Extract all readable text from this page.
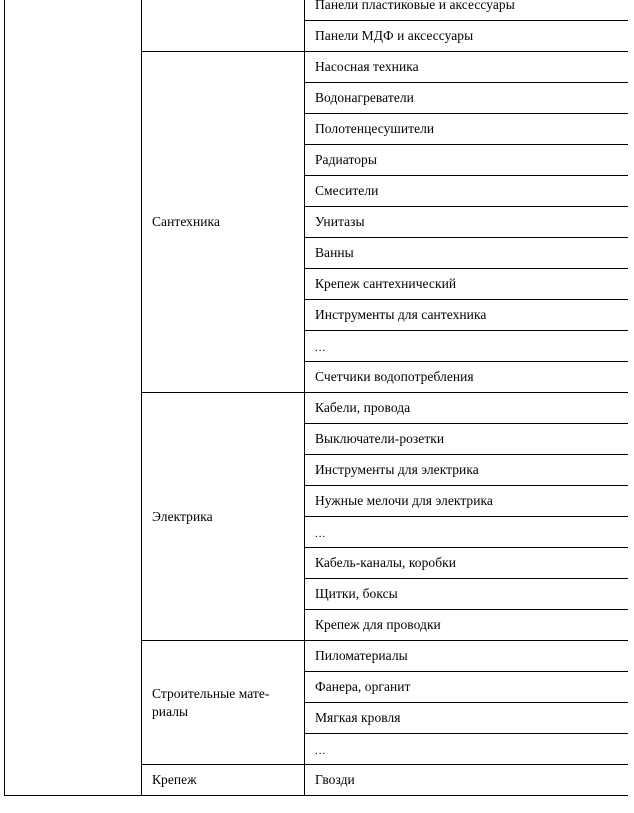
		Панели пластиковые и аксессуары
		Панели МДФ и аксессуары

	Сантехника	Насосная техника
		Водонагреватели
		Полотенцесушители
		Радиаторы
		Смесители
		Унитазы
		Ванны
		Крепеж сантехнический
		Инструменты для сантехника
		...
		Счетчики водопотребления

	Электрика	Кабели, провода
		Выключатели-розетки
		Инструменты для электрика
		Нужные мелочи для электрика
		...
		Кабель-каналы, коробки
		Щитки, боксы
		Крепеж для проводки

	Строительные мате-
риалы	Пиломатериалы
		Фанера, органит
		Мягкая кровля
		...

	Крепеж	Гвозди
